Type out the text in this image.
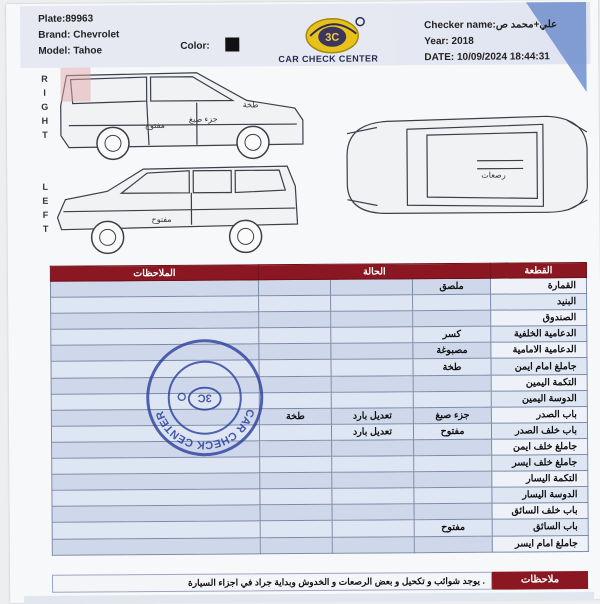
Plate:89963
Brand: Chevrolet
Model: Tahoe	Color:
3C
CAR CHECK CENTER
Checker name:علي+محمد ص
Year: 2018
DATE: 10/09/2024 18:44:31
R
I
G
H
T
L
E
F
T
طخة
جزء صبغ
مفتوح
مفتوح
رصعات
الملاحظات	الحالة			القطعة
			ملصق	القمارة
				البنيد
				الصندوق
			كسر	الدعامية الخلفية
			مصبوغة	الدعامية الامامية
			طخة	جاملغ امام ايمن
				التكمة اليمين
				الدوسة اليمين
	طخة	تعديل بارد	جزء صبغ	باب الصدر
		تعديل بارد	مفتوح	باب خلف الصدر
				جاملغ خلف ايمن
				جاملغ خلف ايسر
				التكمة اليسار
				الدوسة اليسار
				باب خلف السائق
			مفتوح	باب السائق
				جاملغ امام ايسر
CAR CHECK CENTER
3C
يوجد شوائب و تكحيل و بعض الرصعات و الخدوش وبداية جراد في اجزاء السيارة .	ملاحظات
